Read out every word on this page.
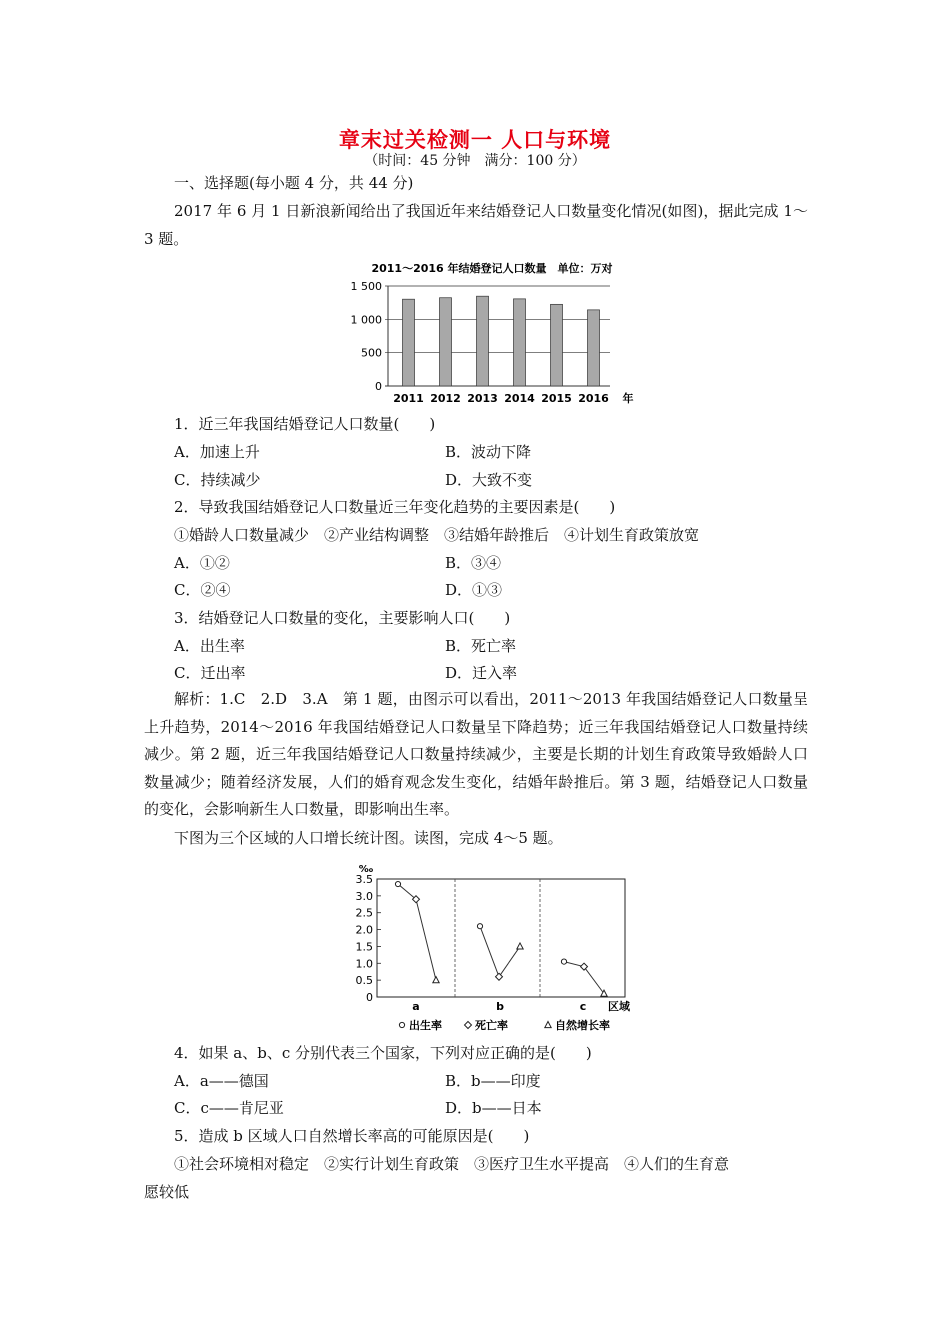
章末过关检测一 人口与环境
（时间：45 分钟　满分：100 分）
一、选择题(每小题 4 分，共 44 分)
2017 年 6 月 1 日新浪新闻给出了我国近年来结婚登记人口数量变化情况(如图)，据此完成 1～3 题。
2011～2016 年结婚登记人口数量　单位：万对
0
500
1 000
1 500
2011 2012 2013 2014 2015 2016 年
1．近三年我国结婚登记人口数量(　　)
A．加速上升	B．波动下降
C．持续减少	D．大致不变
2．导致我国结婚登记人口数量近三年变化趋势的主要因素是(　　)
①婚龄人口数量减少　②产业结构调整　③结婚年龄推后　④计划生育政策放宽
A．①②	B．③④
C．②④	D．①③
3．结婚登记人口数量的变化，主要影响人口(　　)
A．出生率	B．死亡率
C．迁出率	D．迁入率
解析：1.C　2.D　3.A　第 1 题，由图示可以看出，2011～2013 年我国结婚登记人口数量呈上升趋势，2014～2016 年我国结婚登记人口数量呈下降趋势；近三年我国结婚登记人口数量持续减少。第 2 题，近三年我国结婚登记人口数量持续减少，主要是长期的计划生育政策导致婚龄人口数量减少；随着经济发展，人们的婚育观念发生变化，结婚年龄推后。第 3 题，结婚登记人口数量的变化，会影响新生人口数量，即影响出生率。
下图为三个区域的人口增长统计图。读图，完成 4～5 题。
‰
0
0.5
1.0
1.5
2.0
2.5
3.0
3.5
a	b	c 区域
出生率	死亡率	自然增长率
4．如果 a、b、c 分别代表三个国家，下列对应正确的是(　　)
A．a——德国	B．b——印度
C．c——肯尼亚	D．b——日本
5．造成 b 区域人口自然增长率高的可能原因是(　　)
①社会环境相对稳定　②实行计划生育政策　③医疗卫生水平提高　④人们的生育意
愿较低
